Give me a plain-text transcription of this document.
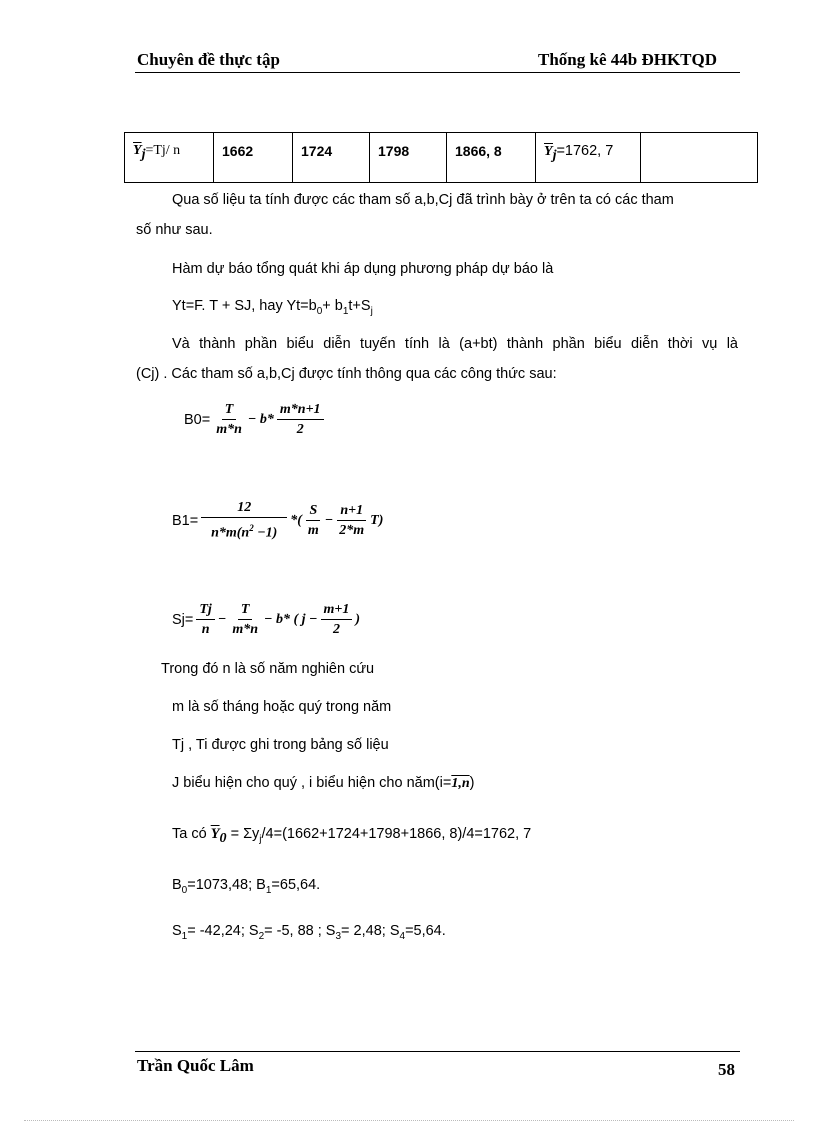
Chuyên đề thực tập	Thống kê 44b ĐHKTQD
$\overline{Y}_j=Tj/$ n	1662	1724	1798	1866, 8	$\overline{Y}_j=1762$, 7	
Qua số liệu ta tính được các tham số a,b,Cj đã trình bày ở trên ta có các tham
số như sau.
Hàm dự báo tổng quát khi áp dụng phương pháp dự báo là
Yt=F. T + SJ, hay $Yt=b_0+ b_1t+S_j$
Và thành phần biểu diễn tuyến tính là (a+bt) thành phần biểu diễn thời vụ là
(Cj) . Các tham số a,b,Cj được tính thông qua các công thức sau:
B $0 = \frac{T}{m*n} - b* \frac{m*n+1}{2}$
B $1 = \frac{12}{n*m(n^2 -1)}$ *( $\frac{S}{m} - \frac{n+1}{2*m} T$)
S $j = \frac{Tj}{n} - \frac{T}{m*n} - b*$ ( $j - \frac{m+1}{2}$ )
Trong đó n là số năm nghiên cứu
m là số tháng hoặc quý trong năm
Tj , Ti được ghi trong bảng số liệu
J biểu hiện cho quý , i biểu hiện cho năm(i=1,n)
Ta có $\overline{Y}_0 = \Sigma y_j/4=(1662+1724+1798+1866$, 8)/4=1762, 7
$B_0=1073,48$; $B_1=65,64$.
$S_1= -42,24$; $S_2= -5$, 88 ; $S_3= 2,48$; $S_4=5,64$.
Trần Quốc Lâm	58
